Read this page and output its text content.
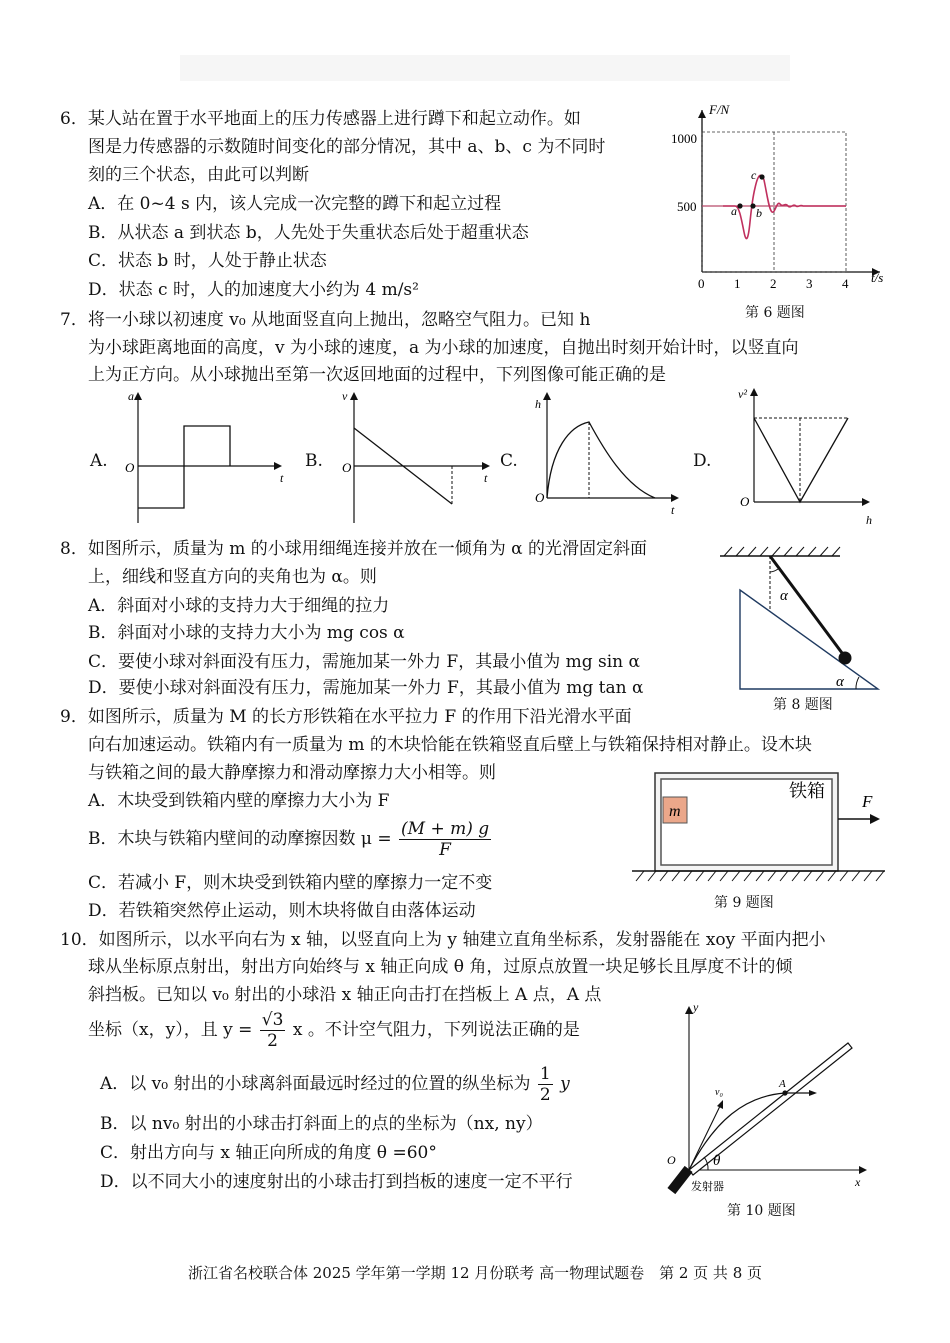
6．某人站在置于水平地面上的压力传感器上进行蹲下和起立动作。如
图是力传感器的示数随时间变化的部分情况，其中 a、b、c 为不同时
刻的三个状态，由此可以判断
A．在 0~4 s 内，该人完成一次完整的蹲下和起立过程
B．从状态 a 到状态 b，人先处于失重状态后处于超重状态
C．状态 b 时，人处于静止状态
D．状态 c 时，人的加速度大小约为 4 m/s²
F/N
t/s
1000
500
0 1 2 3 4
a b
c
第 6 题图
7．将一小球以初速度 v₀ 从地面竖直向上抛出，忽略空气阻力。已知 h
为小球距离地面的高度，v 为小球的速度，a 为小球的加速度，自抛出时刻开始计时，以竖直向
上为正方向。从小球抛出至第一次返回地面的过程中，下列图像可能正确的是
A.
a
t
O	B.
v
t
O	C.
h
t
O
D.
v²
h
O
8．如图所示，质量为 m 的小球用细绳连接并放在一倾角为 α 的光滑固定斜面
上，细线和竖直方向的夹角也为 α。则
A．斜面对小球的支持力大于细绳的拉力
B．斜面对小球的支持力大小为 mg cos α
C．要使小球对斜面没有压力，需施加某一外力 F，其最小值为 mg sin α
D．要使小球对斜面没有压力，需施加某一外力 F，其最小值为 mg tan α
α
α
第 8 题图
9．如图所示，质量为 M 的长方形铁箱在水平拉力 F 的作用下沿光滑水平面
向右加速运动。铁箱内有一质量为 m 的木块恰能在铁箱竖直后壁上与铁箱保持相对静止。设木块
与铁箱之间的最大静摩擦力和滑动摩擦力大小相等。则
A．木块受到铁箱内壁的摩擦力大小为 F
B．木块与铁箱内壁间的动摩擦因数 $\mu = \frac{(M + m) g}{F}$
C．若减小 F，则木块受到铁箱内壁的摩擦力一定不变
D．若铁箱突然停止运动，则木块将做自由落体运动
铁箱
m
F
第 9 题图
10．如图所示，以水平向右为 x 轴，以竖直向上为 y 轴建立直角坐标系，发射器能在 xoy 平面内把小
球从坐标原点射出，射出方向始终与 x 轴正向成 θ 角，过原点放置一块足够长且厚度不计的倾
斜挡板。已知以 v₀ 射出的小球沿 x 轴正向击打在挡板上 A 点，A 点
坐标（x，y），且 $y = \frac{√3}{2}$ x 。不计空气阻力，下列说法正确的是
A．以 v₀ 射出的小球离斜面最远时经过的位置的纵坐标为 $\frac{1}{2}$ y
B．以 nv₀ 射出的小球击打斜面上的点的坐标为（nx, ny）
C．射出方向与 x 轴正向所成的角度 θ =60°
D．以不同大小的速度射出的小球击打到挡板的速度一定不平行
y
x
O
v₀
A
θ
发射器
第 10 题图
浙江省名校联合体 2025 学年第一学期 12 月份联考 高一物理试题卷　第 2 页 共 8 页
